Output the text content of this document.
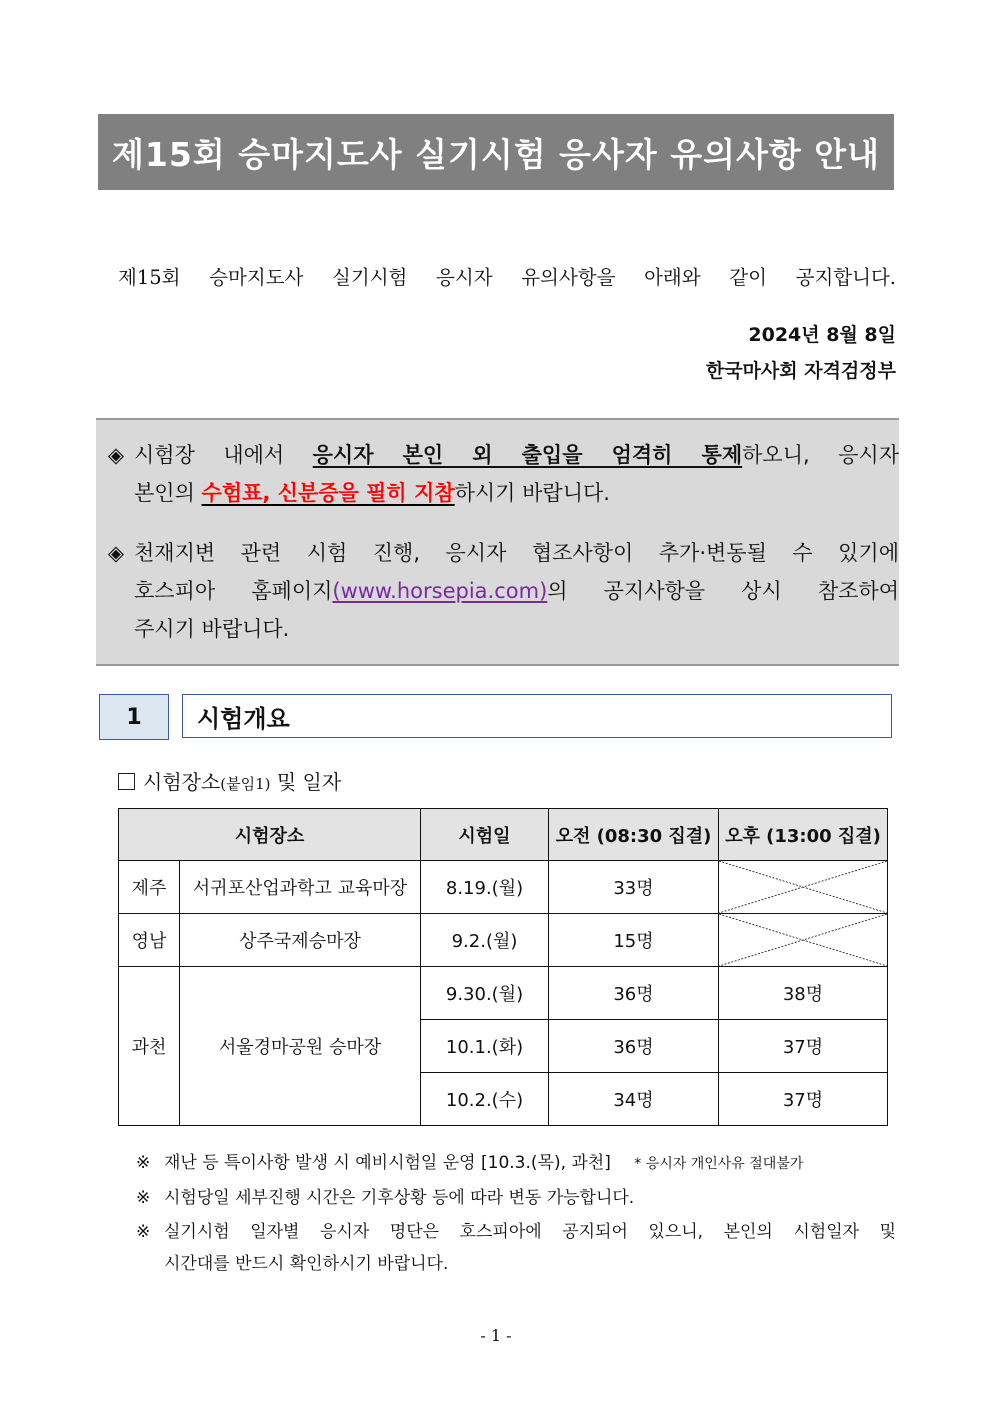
제15회 승마지도사 실기시험 응사자 유의사항 안내
제15회 승마지도사 실기시험 응시자 유의사항을 아래와 같이 공지합니다.
2024년 8월 8일
한국마사회 자격검정부
◈ 시험장 내에서 응시자 본인 외 출입을 엄격히 통제하오니, 응시자
본인의 수험표, 신분증을 필히 지참하시기 바랍니다.
◈ 천재지변 관련 시험 진행, 응시자 협조사항이 추가·변동될 수 있기에
호스피아 홈페이지(www.horsepia.com)의 공지사항을 상시 참조하여
주시기 바랍니다.
1	시험개요
시험장소(붙임1) 및 일자
시험장소		시험일	오전 (08:30 집결)	오후 (13:00 집결)
제주	서귀포산업과학고 교육마장	8.19.(월)	33명	

영남	상주국제승마장	9.2.(월)	15명	

과천	서울경마공원 승마장	9.30.(월)	36명	38명
		10.1.(화)	36명	37명
		10.2.(수)	34명	37명
※ 재난 등 특이사항 발생 시 예비시험일 운영 [10.3.(목), 과천] * 응시자 개인사유 절대불가
※ 시험당일 세부진행 시간은 기후상황 등에 따라 변동 가능합니다.
※ 실기시험 일자별 응시자 명단은 호스피아에 공지되어 있으니, 본인의 시험일자 및
시간대를 반드시 확인하시기 바랍니다.
- 1 -
